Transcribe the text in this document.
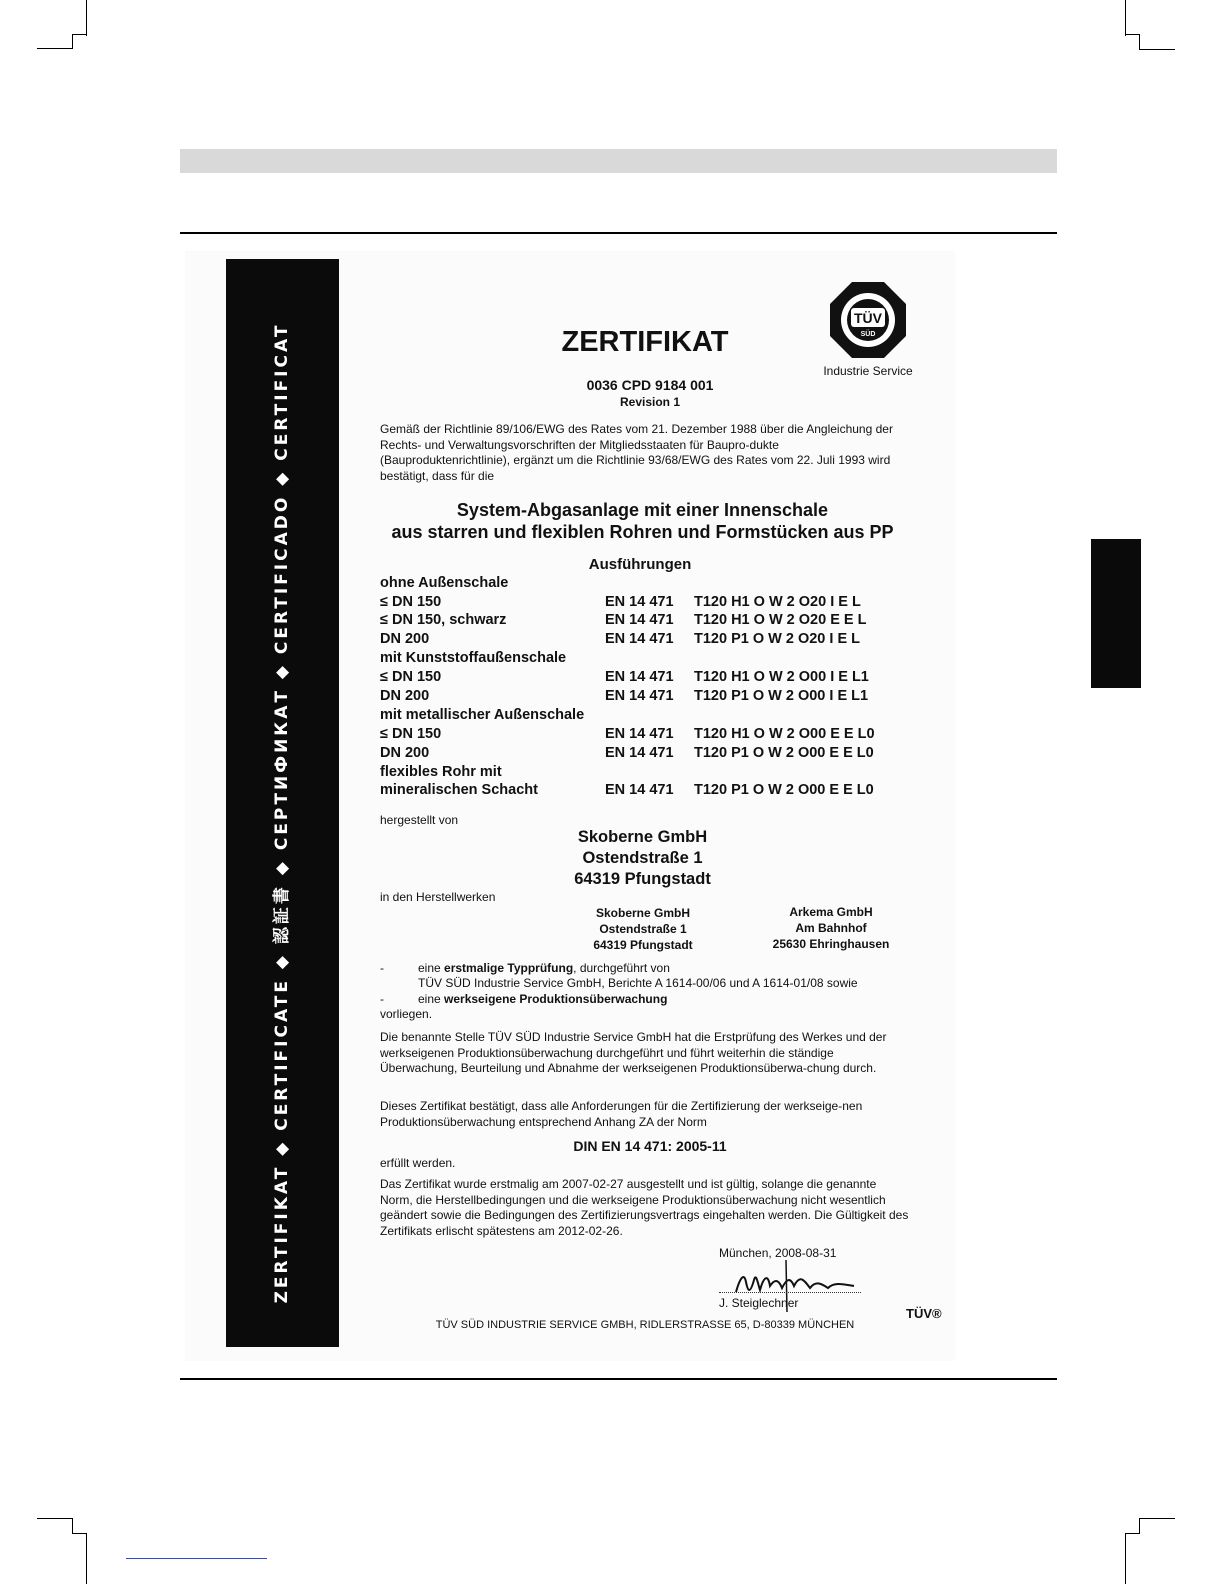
ZERTIFIKAT ◆ CERTIFICATE ◆ 認証書 ◆ СЕРТИФИКАТ ◆ CERTIFICADO ◆ CERTIFICAT
TÜV
SÜD
Industrie Service
ZERTIFIKAT
0036 CPD 9184 001
Revision 1
Gemäß der Richtlinie 89/106/EWG des Rates vom 21. Dezember 1988 über die Angleichung der Rechts- und Verwaltungsvorschriften der Mitgliedsstaaten für Baupro-dukte (Bauproduktenrichtlinie), ergänzt um die Richtlinie 93/68/EWG des Rates vom 22. Juli 1993 wird bestätigt, dass für die
System-Abgasanlage mit einer Innenschale
aus starren und flexiblen Rohren und Formstücken aus PP
Ausführungen
ohne Außenschale
≤ DN 150	EN 14 471 T120 H1 O W 2 O20 I E L
≤ DN 150, schwarz	EN 14 471 T120 H1 O W 2 O20 E E L
DN 200	EN 14 471 T120 P1 O W 2 O20 I E L
mit Kunststoffaußenschale
≤ DN 150	EN 14 471 T120 H1 O W 2 O00 I E L1
DN 200	EN 14 471 T120 P1 O W 2 O00 I E L1
mit metallischer Außenschale
≤ DN 150	EN 14 471 T120 H1 O W 2 O00 E E L0
DN 200	EN 14 471 T120 P1 O W 2 O00 E E L0
flexibles Rohr mit
mineralischen Schacht	EN 14 471 T120 P1 O W 2 O00 E E L0
hergestellt von
Skoberne GmbH
Ostendstraße 1
64319 Pfungstadt
in den Herstellwerken
Skoberne GmbH
Ostendstraße 1
64319 Pfungstadt
Arkema GmbH
Am Bahnhof
25630 Ehringhausen
-	eine erstmalige Typprüfung, durchgeführt von
TÜV SÜD Industrie Service GmbH, Berichte A 1614-00/06 und A 1614-01/08 sowie
-	eine werkseigene Produktionsüberwachung
vorliegen.
Die benannte Stelle TÜV SÜD Industrie Service GmbH hat die Erstprüfung des Werkes und der werkseigenen Produktionsüberwachung durchgeführt und führt weiterhin die ständige Überwachung, Beurteilung und Abnahme der werkseigenen Produktionsüberwa-chung durch.
Dieses Zertifikat bestätigt, dass alle Anforderungen für die Zertifizierung der werkseige-nen Produktionsüberwachung entsprechend Anhang ZA der Norm
DIN EN 14 471: 2005-11
erfüllt werden.
Das Zertifikat wurde erstmalig am 2007-02-27 ausgestellt und ist gültig, solange die genannte Norm, die Herstellbedingungen und die werkseigene Produktionsüberwachung nicht wesentlich geändert sowie die Bedingungen des Zertifizierungsvertrags eingehalten werden. Die Gültigkeit des Zertifikats erlischt spätestens am 2012-02-26.
München, 2008-08-31
J. Steiglechner
TÜV®
TÜV SÜD INDUSTRIE SERVICE GMBH, RIDLERSTRASSE 65, D-80339 MÜNCHEN
